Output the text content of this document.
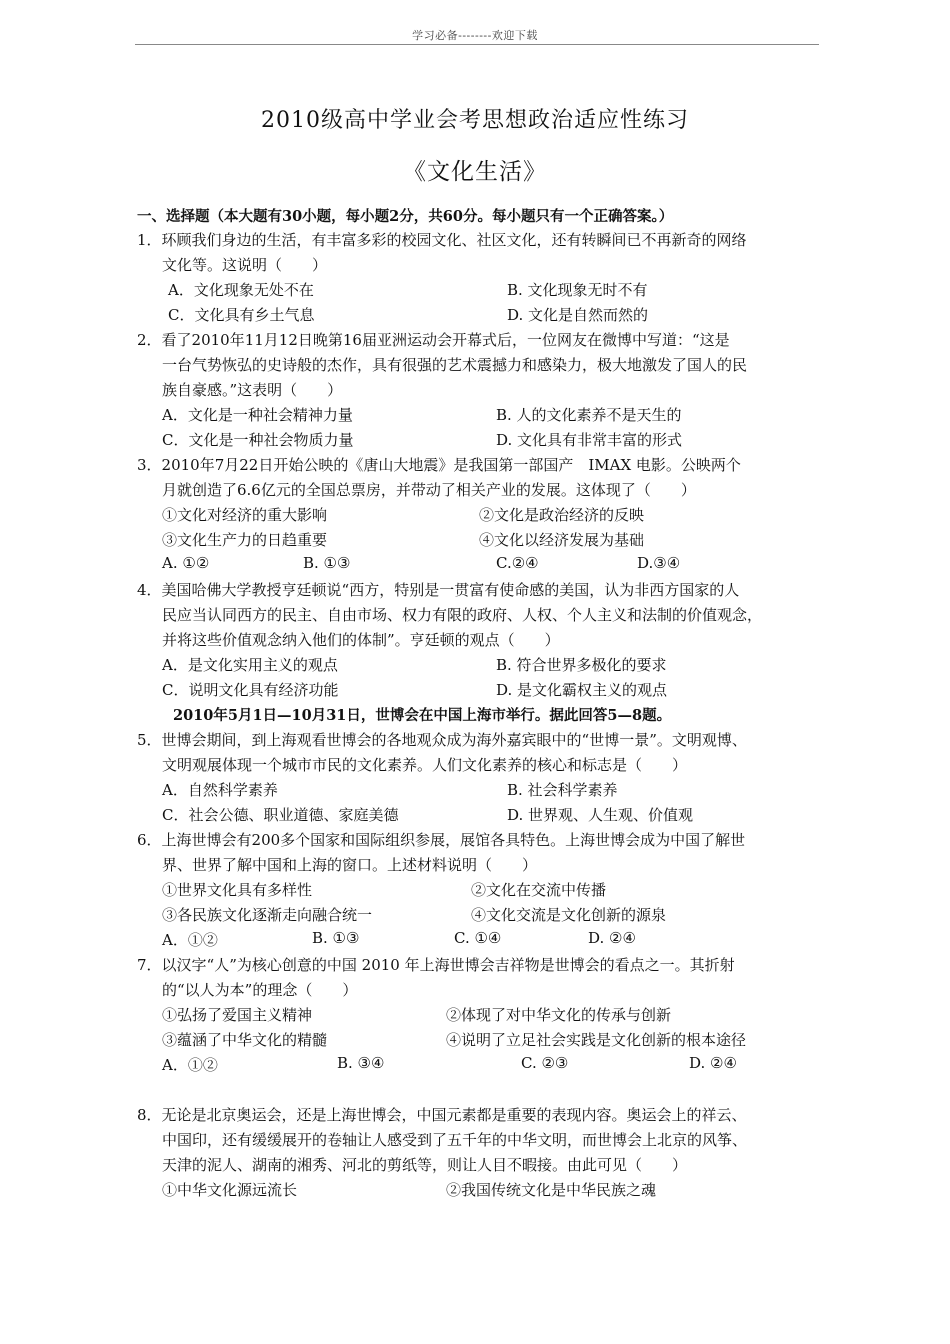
学习必备--------欢迎下载
2010级高中学业会考思想政治适应性练习
《文化生活》
一、选择题（本大题有30小题，每小题2分，共60分。每小题只有一个正确答案。）
1．环顾我们身边的生活，有丰富多彩的校园文化、社区文化，还有转瞬间已不再新奇的网络
文化等。这说明（　　）
A．文化现象无处不在	B. 文化现象无时不有
C．文化具有乡土气息	D. 文化是自然而然的
2．看了2010年11月12日晚第16届亚洲运动会开幕式后，一位网友在微博中写道：“这是
一台气势恢弘的史诗般的杰作，具有很强的艺术震撼力和感染力，极大地激发了国人的民
族自豪感。”这表明（　　）
A．文化是一种社会精神力量	B. 人的文化素养不是天生的
C．文化是一种社会物质力量	D. 文化具有非常丰富的形式
3．2010年7月22日开始公映的《唐山大地震》是我国第一部国产　IMAX 电影。公映两个
月就创造了6.6亿元的全国总票房，并带动了相关产业的发展。这体现了（　　）
①文化对经济的重大影响	②文化是政治经济的反映
③文化生产力的日趋重要	④文化以经济发展为基础
A. ①②	B. ①③	C.②④	D.③④
4．美国哈佛大学教授亨廷顿说“西方，特别是一贯富有使命感的美国，认为非西方国家的人
民应当认同西方的民主、自由市场、权力有限的政府、人权、个人主义和法制的价值观念，
并将这些价值观念纳入他们的体制”。亨廷顿的观点（　　）
A．是文化实用主义的观点	B. 符合世界多极化的要求
C．说明文化具有经济功能	D. 是文化霸权主义的观点
2010年5月1日—10月31日，世博会在中国上海市举行。据此回答5—8题。
5．世博会期间，到上海观看世博会的各地观众成为海外嘉宾眼中的“世博一景”。文明观博、
文明观展体现一个城市市民的文化素养。人们文化素养的核心和标志是（　　）
A．自然科学素养	B. 社会科学素养
C．社会公德、职业道德、家庭美德	D. 世界观、人生观、价值观
6．上海世博会有200多个国家和国际组织参展，展馆各具特色。上海世博会成为中国了解世
界、世界了解中国和上海的窗口。上述材料说明（　　）
①世界文化具有多样性	②文化在交流中传播
③各民族文化逐渐走向融合统一	④文化交流是文化创新的源泉
A．①②	B. ①③	C. ①④	D. ②④
7．以汉字“人”为核心创意的中国 2010 年上海世博会吉祥物是世博会的看点之一。其折射
的“以人为本”的理念（　　）
①弘扬了爱国主义精神	②体现了对中华文化的传承与创新
③蕴涵了中华文化的精髓	④说明了立足社会实践是文化创新的根本途径
A．①②	B. ③④	C. ②③	D. ②④
8．无论是北京奥运会，还是上海世博会，中国元素都是重要的表现内容。奥运会上的祥云、
中国印，还有缓缓展开的卷轴让人感受到了五千年的中华文明，而世博会上北京的风筝、
天津的泥人、湖南的湘秀、河北的剪纸等，则让人目不暇接。由此可见（　　）
①中华文化源远流长	②我国传统文化是中华民族之魂
